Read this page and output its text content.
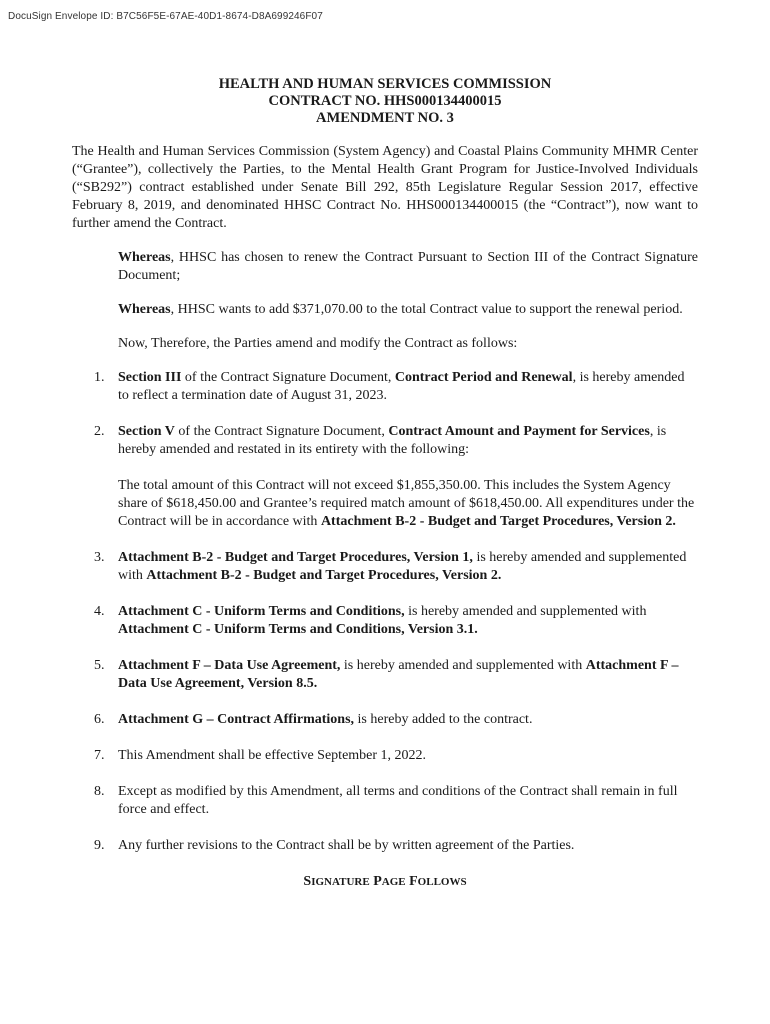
DocuSign Envelope ID: B7C56F5E-67AE-40D1-8674-D8A699246F07

HEALTH AND HUMAN SERVICES COMMISSION

CONTRACT NO. HHS000134400015

AMENDMENT NO. 3

The Health and Human Services Commission (System Agency) and Coastal Plains Community MHMR Center (“Grantee”), collectively the Parties, to the Mental Health Grant Program for Justice-Involved Individuals (“SB292”) contract established under Senate Bill 292, 85th Legislature Regular Session 2017, effective February 8, 2019, and denominated HHSC Contract No. HHS000134400015 (the “Contract”), now want to further amend the Contract.
Whereas, HHSC has chosen to renew the Contract Pursuant to Section III of the Contract Signature Document;
Whereas, HHSC wants to add $371,070.00 to the total Contract value to support the renewal period.
Now, Therefore, the Parties amend and modify the Contract as follows:
1. Section III of the Contract Signature Document, Contract Period and Renewal, is hereby amended to reflect a termination date of August 31, 2023.
2. Section V of the Contract Signature Document, Contract Amount and Payment for Services, is hereby amended and restated in its entirety with the following:
The total amount of this Contract will not exceed $1,855,350.00. This includes the System Agency share of $618,450.00 and Grantee’s required match amount of $618,450.00. All expenditures under the Contract will be in accordance with Attachment B-2 - Budget and Target Procedures, Version 2.
3. Attachment B-2 - Budget and Target Procedures, Version 1, is hereby amended and supplemented with Attachment B-2 - Budget and Target Procedures, Version 2.
4. Attachment C - Uniform Terms and Conditions, is hereby amended and supplemented with Attachment C - Uniform Terms and Conditions, Version 3.1.
5. Attachment F – Data Use Agreement, is hereby amended and supplemented with Attachment F – Data Use Agreement, Version 8.5.
6. Attachment G – Contract Affirmations, is hereby added to the contract.
7. This Amendment shall be effective September 1, 2022.
8. Except as modified by this Amendment, all terms and conditions of the Contract shall remain in full force and effect.
9. Any further revisions to the Contract shall be by written agreement of the Parties.
SIGNATURE PAGE FOLLOWS
